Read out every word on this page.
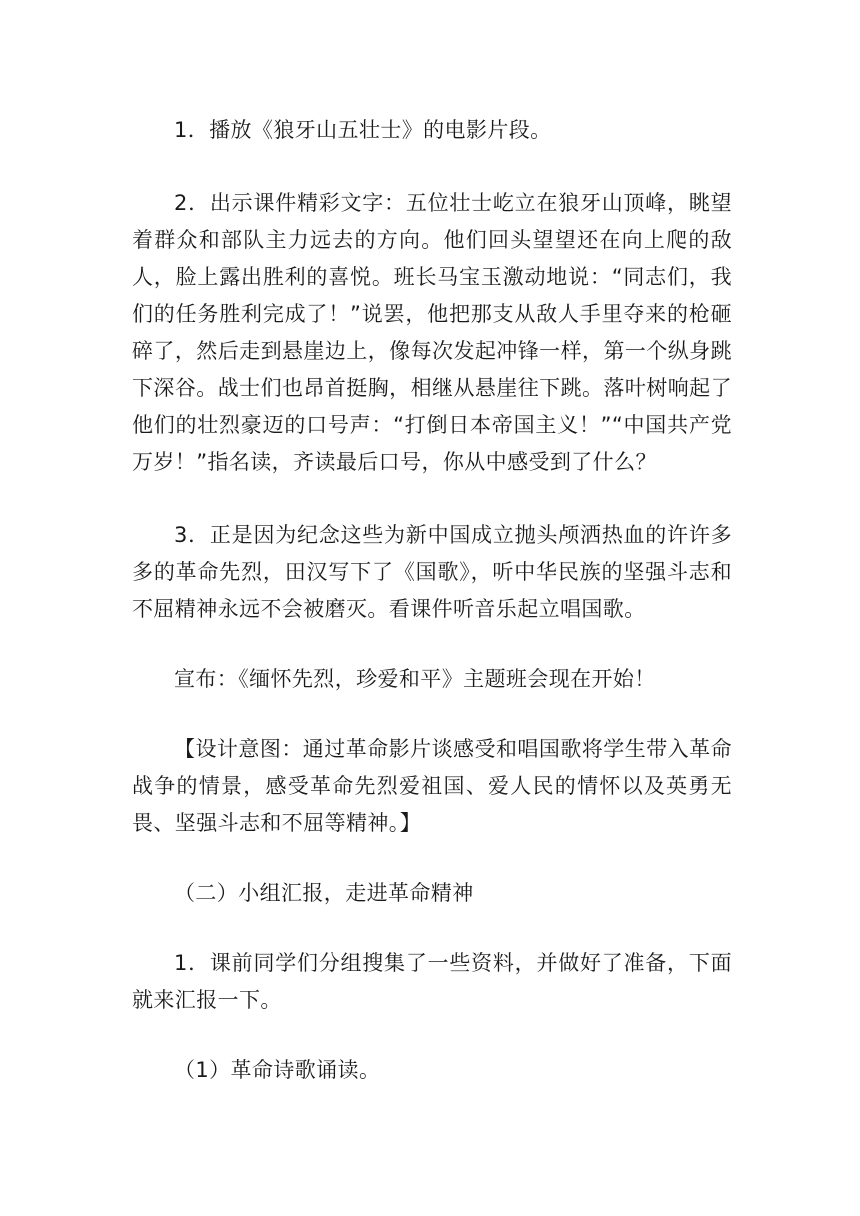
1．播放《狼牙山五壮士》的电影片段。

2．出示课件精彩文字：五位壮士屹立在狼牙山顶峰，眺望着群众和部队主力远去的方向。他们回头望望还在向上爬的敌人，脸上露出胜利的喜悦。班长马宝玉激动地说：“同志们，我们的任务胜利完成了！”说罢，他把那支从敌人手里夺来的枪砸碎了，然后走到悬崖边上，像每次发起冲锋一样，第一个纵身跳下深谷。战士们也昂首挺胸，相继从悬崖往下跳。落叶树响起了他们的壮烈豪迈的口号声：“打倒日本帝国主义！”“中国共产党万岁！”指名读，齐读最后口号，你从中感受到了什么？

3．正是因为纪念这些为新中国成立抛头颅洒热血的许许多多的革命先烈，田汉写下了《国歌》，听中华民族的坚强斗志和不屈精神永远不会被磨灭。看课件听音乐起立唱国歌。

宣布：《缅怀先烈，珍爱和平》主题班会现在开始！

【设计意图：通过革命影片谈感受和唱国歌将学生带入革命战争的情景，感受革命先烈爱祖国、爱人民的情怀以及英勇无畏、坚强斗志和不屈等精神。】

（二）小组汇报，走进革命精神

1．课前同学们分组搜集了一些资料，并做好了准备，下面就来汇报一下。

（1）革命诗歌诵读。
